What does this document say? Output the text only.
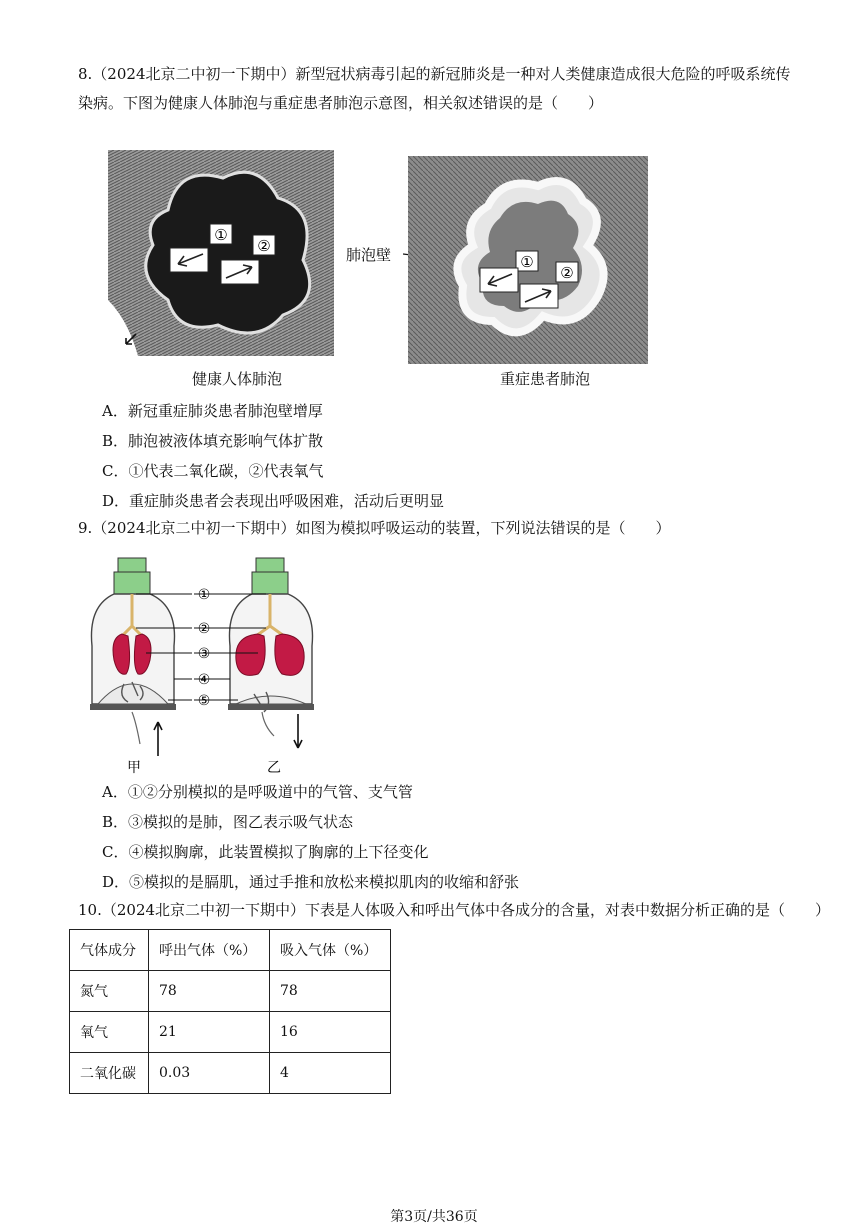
8.（2024北京二中初一下期中）新型冠状病毒引起的新冠肺炎是一种对人类健康造成很大危险的呼吸系统传染病。下图为健康人体肺泡与重症患者肺泡示意图，相关叙述错误的是（　　）

①
②	肺泡壁	①
②
健康人体肺泡	重症患者肺泡

A．新冠重症肺炎患者肺泡壁增厚

B．肺泡被液体填充影响气体扩散

C．①代表二氧化碳，②代表氧气

D．重症肺炎患者会表现出呼吸困难，活动后更明显

9.（2024北京二中初一下期中）如图为模拟呼吸运动的装置，下列说法错误的是（　　）

①
②
③
④
⑤
甲	乙

A．①②分别模拟的是呼吸道中的气管、支气管

B．③模拟的是肺，图乙表示吸气状态

C．④模拟胸廓，此装置模拟了胸廓的上下径变化

D．⑤模拟的是膈肌，通过手推和放松来模拟肌肉的收缩和舒张

10.（2024北京二中初一下期中）下表是人体吸入和呼出气体中各成分的含量，对表中数据分析正确的是（　　）

气体成分	呼出气体（%）	吸入气体（%）
氮气	78	78
氧气	21	16
二氧化碳	0.03	4
第3页/共36页
